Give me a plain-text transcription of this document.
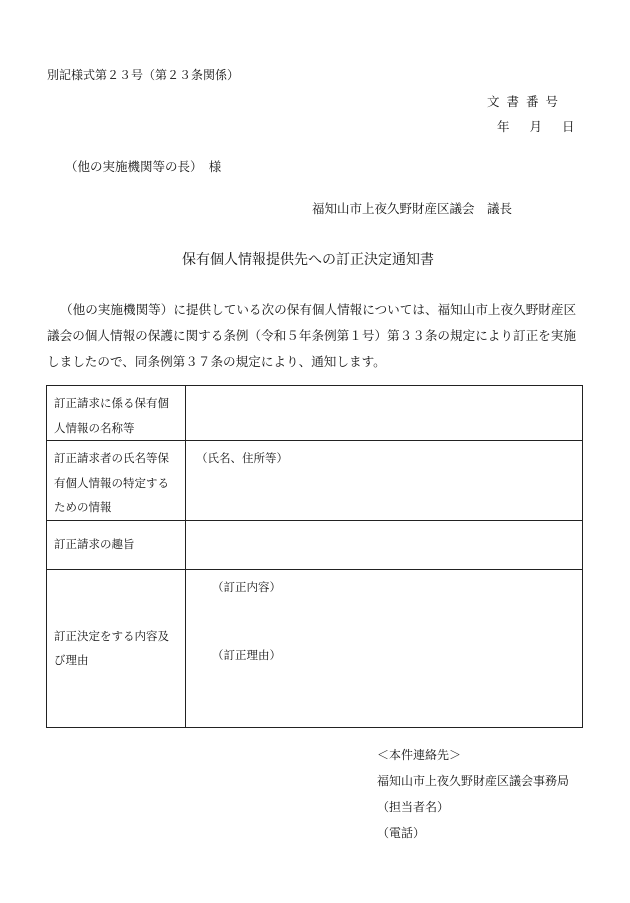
別記様式第２３号（第２３条関係）
文書番号
年 月 日
（他の実施機関等の長）　様
福知山市上夜久野財産区議会　議長
保有個人情報提供先への訂正決定通知書
（他の実施機関等）に提供している次の保有個人情報については、福知山市上夜久野財産区議会の個人情報の保護に関する条例（令和５年条例第１号）第３３条の規定により訂正を実施しましたので、同条例第３７条の規定により、通知します。
訂正請求に係る保有個人情報の名称等	
訂正請求者の氏名等保有個人情報の特定するための情報	（氏名、住所等）
訂正請求の趣旨	
訂正決定をする内容及び理由	（訂正内容）
（訂正理由）
＜本件連絡先＞
福知山市上夜久野財産区議会事務局
（担当者名）
（電話）
